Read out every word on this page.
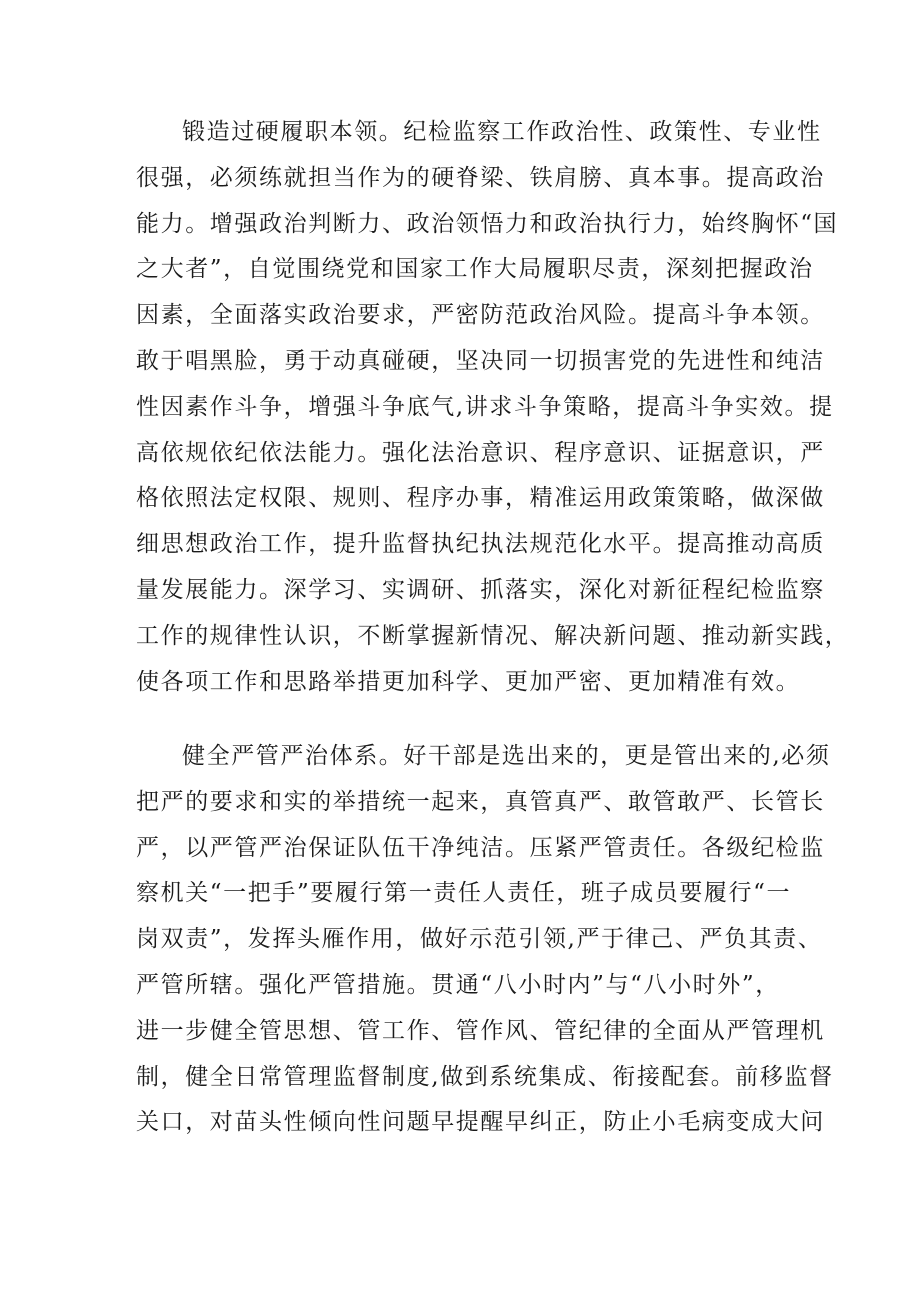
锻造过硬履职本领。纪检监察工作政治性、政策性、专业性
很强，必须练就担当作为的硬脊梁、铁肩膀、真本事。提高政治
能力。增强政治判断力、政治领悟力和政治执行力，始终胸怀“国
之大者”，自觉围绕党和国家工作大局履职尽责，深刻把握政治
因素，全面落实政治要求，严密防范政治风险。提高斗争本领。
敢于唱黑脸，勇于动真碰硬，坚决同一切损害党的先进性和纯洁
性因素作斗争，增强斗争底气,讲求斗争策略，提高斗争实效。提
高依规依纪依法能力。强化法治意识、程序意识、证据意识，严
格依照法定权限、规则、程序办事，精准运用政策策略，做深做
细思想政治工作，提升监督执纪执法规范化水平。提高推动高质
量发展能力。深学习、实调研、抓落实，深化对新征程纪检监察
工作的规律性认识，不断掌握新情况、解决新问题、推动新实践，
使各项工作和思路举措更加科学、更加严密、更加精准有效。
健全严管严治体系。好干部是选出来的，更是管出来的,必须
把严的要求和实的举措统一起来，真管真严、敢管敢严、长管长
严，以严管严治保证队伍干净纯洁。压紧严管责任。各级纪检监
察机关“一把手”要履行第一责任人责任，班子成员要履行“一
岗双责”，发挥头雁作用，做好示范引领,严于律己、严负其责、
严管所辖。强化严管措施。贯通“八小时内”与“八小时外”，
进一步健全管思想、管工作、管作风、管纪律的全面从严管理机
制，健全日常管理监督制度,做到系统集成、衔接配套。前移监督
关口，对苗头性倾向性问题早提醒早纠正，防止小毛病变成大问
